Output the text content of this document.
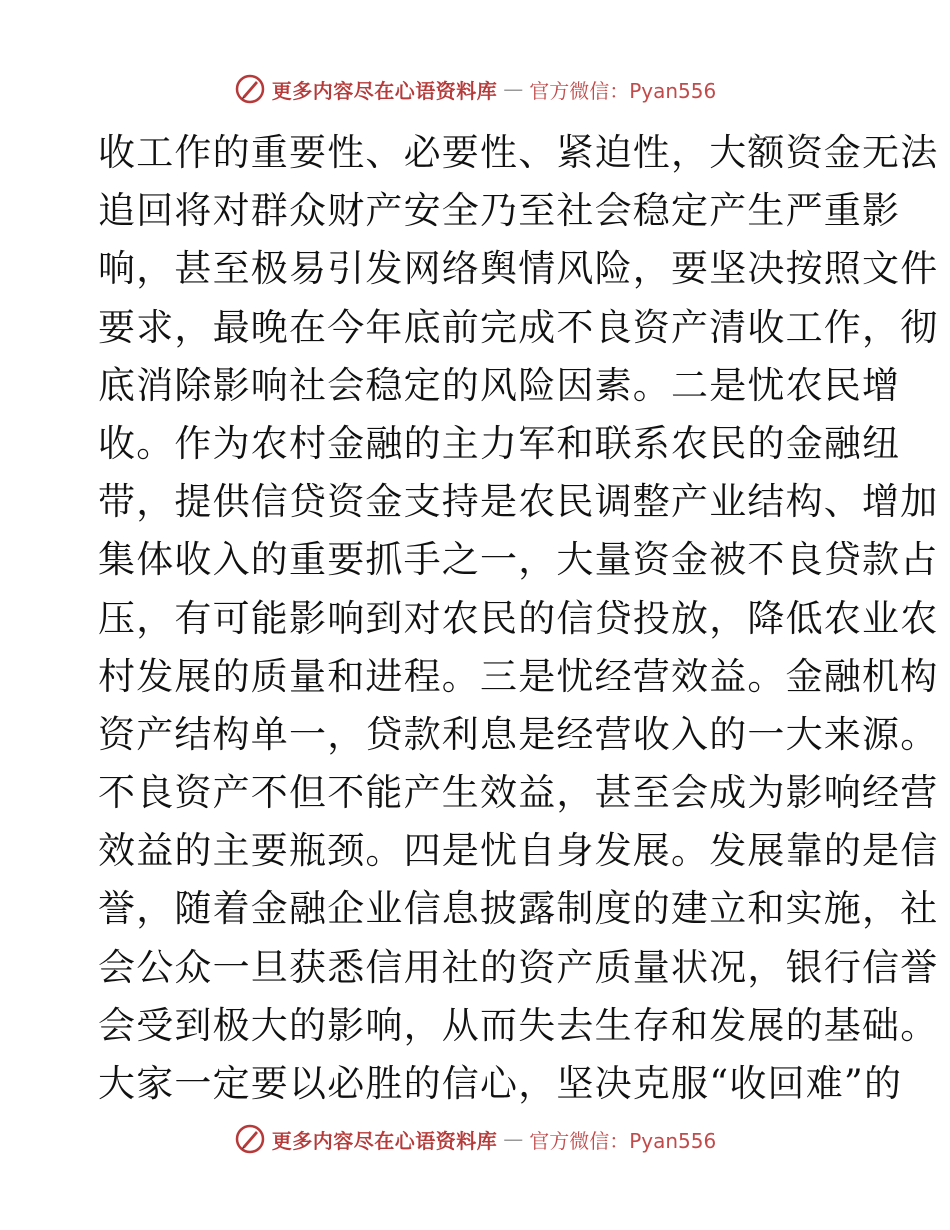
更多内容尽在心语资料库 — 官方微信：Pyan556
收工作的重要性、必要性、紧迫性，大额资金无法
追回将对群众财产安全乃至社会稳定产生严重影
响，甚至极易引发网络舆情风险，要坚决按照文件
要求，最晚在今年底前完成不良资产清收工作，彻
底消除影响社会稳定的风险因素。二是忧农民增
收。作为农村金融的主力军和联系农民的金融纽
带，提供信贷资金支持是农民调整产业结构、增加
集体收入的重要抓手之一，大量资金被不良贷款占
压，有可能影响到对农民的信贷投放，降低农业农
村发展的质量和进程。三是忧经营效益。金融机构
资产结构单一，贷款利息是经营收入的一大来源。
不良资产不但不能产生效益，甚至会成为影响经营
效益的主要瓶颈。四是忧自身发展。发展靠的是信
誉，随着金融企业信息披露制度的建立和实施，社
会公众一旦获悉信用社的资产质量状况，银行信誉
会受到极大的影响，从而失去生存和发展的基础。
大家一定要以必胜的信心，坚决克服“收回难”的
更多内容尽在心语资料库 — 官方微信：Pyan556
